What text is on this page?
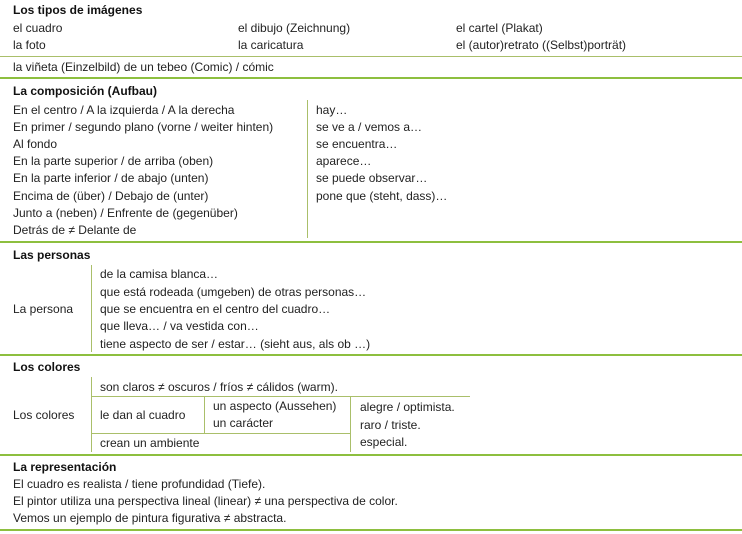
Los tipos de imágenes
el cuadro
la foto
el dibujo (Zeichnung)
la caricatura
el cartel (Plakat)
el (autor)retrato ((Selbst)porträt)
la viñeta (Einzelbild) de un tebeo (Comic) / cómic
La composición (Aufbau)
En el centro / A la izquierda / A la derecha
En primer / segundo plano (vorne / weiter hinten)
Al fondo
En la parte superior / de arriba (oben)
En la parte inferior / de abajo (unten)
Encima de (über) / Debajo de (unter)
Junto a (neben) / Enfrente de (gegenüber)
Detrás de ≠ Delante de
hay…
se ve a / vemos a…
se encuentra…
aparece…
se puede observar…
pone que (steht, dass)…
Las personas
La persona
de la camisa blanca…
que está rodeada (umgeben) de otras personas…
que se encuentra en el centro del cuadro…
que lleva… / va vestida con…
tiene aspecto de ser / estar… (sieht aus, als ob …)
Los colores
Los colores
son claros ≠ oscuros / fríos ≠ cálidos (warm).
le dan al cuadro
un aspecto (Aussehen)
un carácter
alegre / optimista.
raro / triste.
especial.
crean un ambiente
La representación
El cuadro es realista / tiene profundidad (Tiefe).
El pintor utiliza una perspectiva lineal (linear) ≠ una perspectiva de color.
Vemos un ejemplo de pintura figurativa ≠ abstracta.
